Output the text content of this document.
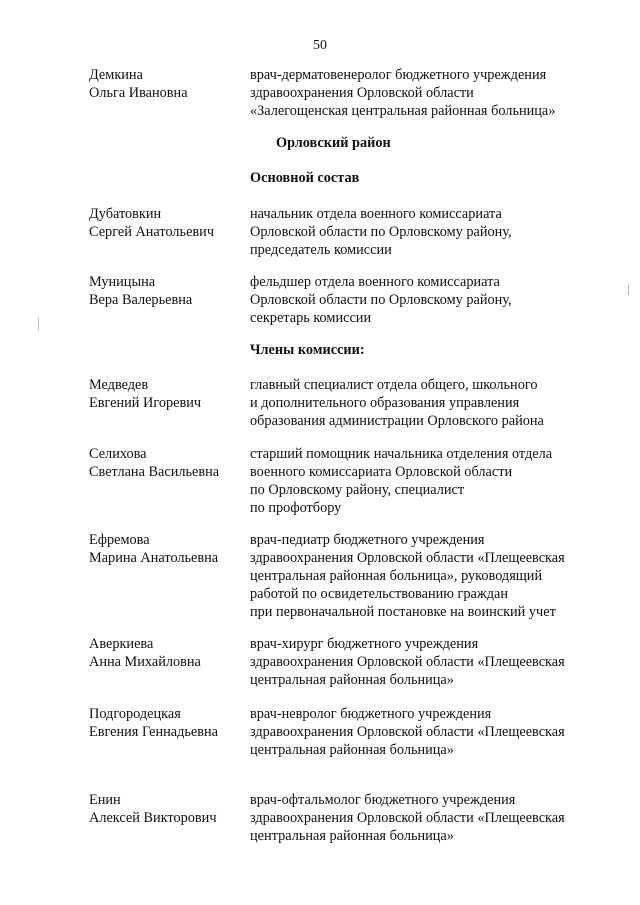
50
Демкина
Ольга Ивановна
врач-дерматовенеролог бюджетного учреждения
здравоохранения Орловской области
«Залегощенская центральная районная больница»
Орловский район
Основной состав
Дубатовкин
Сергей Анатольевич
начальник отдела военного комиссариата
Орловской области по Орловскому району,
председатель комиссии
Муницына
Вера Валерьевна
фельдшер отдела военного комиссариата
Орловской области по Орловскому району,
секретарь комиссии
Члены комиссии:
Медведев
Евгений Игоревич
главный специалист отдела общего, школьного
и дополнительного образования управления
образования администрации Орловского района
Селихова
Светлана Васильевна
старший помощник начальника отделения отдела
военного комиссариата Орловской области
по Орловскому району, специалист
по профотбору
Ефремова
Марина Анатольевна
врач-педиатр бюджетного учреждения
здравоохранения Орловской области «Плещеевская
центральная районная больница», руководящий
работой по освидетельствованию граждан
при первоначальной постановке на воинский учет
Аверкиева
Анна Михайловна
врач-хирург бюджетного учреждения
здравоохранения Орловской области «Плещеевская
центральная районная больница»
Подгородецкая
Евгения Геннадьевна
врач-невролог бюджетного учреждения
здравоохранения Орловской области «Плещеевская
центральная районная больница»
Енин
Алексей Викторович
врач-офтальмолог бюджетного учреждения
здравоохранения Орловской области «Плещеевская
центральная районная больница»
